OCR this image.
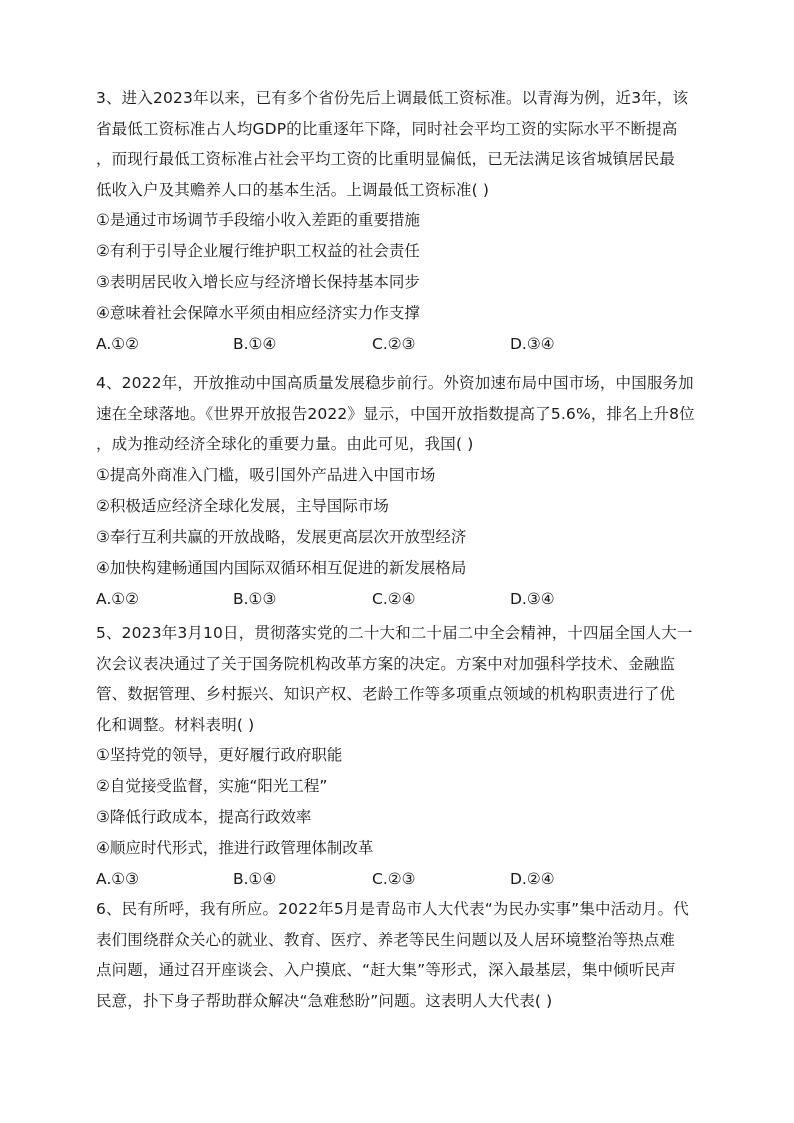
3、进入2023年以来，已有多个省份先后上调最低工资标准。以青海为例，近3年，该
省最低工资标准占人均GDP的比重逐年下降，同时社会平均工资的实际水平不断提高
，而现行最低工资标准占社会平均工资的比重明显偏低，已无法满足该省城镇居民最
低收入户及其赡养人口的基本生活。上调最低工资标准( )

①是通过市场调节手段缩小收入差距的重要措施

②有利于引导企业履行维护职工权益的社会责任

③表明居民收入增长应与经济增长保持基本同步

④意味着社会保障水平须由相应经济实力作支撑

A.①②	B.①④	C.②③	D.③④

4、2022年，开放推动中国高质量发展稳步前行。外资加速布局中国市场，中国服务加
速在全球落地。《世界开放报告2022》显示，中国开放指数提高了5.6%，排名上升8位
，成为推动经济全球化的重要力量。由此可见，我国( )

①提高外商准入门槛，吸引国外产品进入中国市场

②积极适应经济全球化发展，主导国际市场

③奉行互利共赢的开放战略，发展更高层次开放型经济

④加快构建畅通国内国际双循环相互促进的新发展格局

A.①②	B.①③	C.②④	D.③④

5、2023年3月10日，贯彻落实党的二十大和二十届二中全会精神，十四届全国人大一
次会议表决通过了关于国务院机构改革方案的决定。方案中对加强科学技术、金融监
管、数据管理、乡村振兴、知识产权、老龄工作等多项重点领域的机构职责进行了优
化和调整。材料表明( )

①坚持党的领导，更好履行政府职能

②自觉接受监督，实施“阳光工程”

③降低行政成本，提高行政效率

④顺应时代形式，推进行政管理体制改革

A.①③	B.①④	C.②③	D.②④

6、民有所呼，我有所应。2022年5月是青岛市人大代表“为民办实事”集中活动月。代
表们围绕群众关心的就业、教育、医疗、养老等民生问题以及人居环境整治等热点难
点问题，通过召开座谈会、入户摸底、“赶大集”等形式，深入最基层，集中倾听民声
民意，扑下身子帮助群众解决“急难愁盼”问题。这表明人大代表( )
